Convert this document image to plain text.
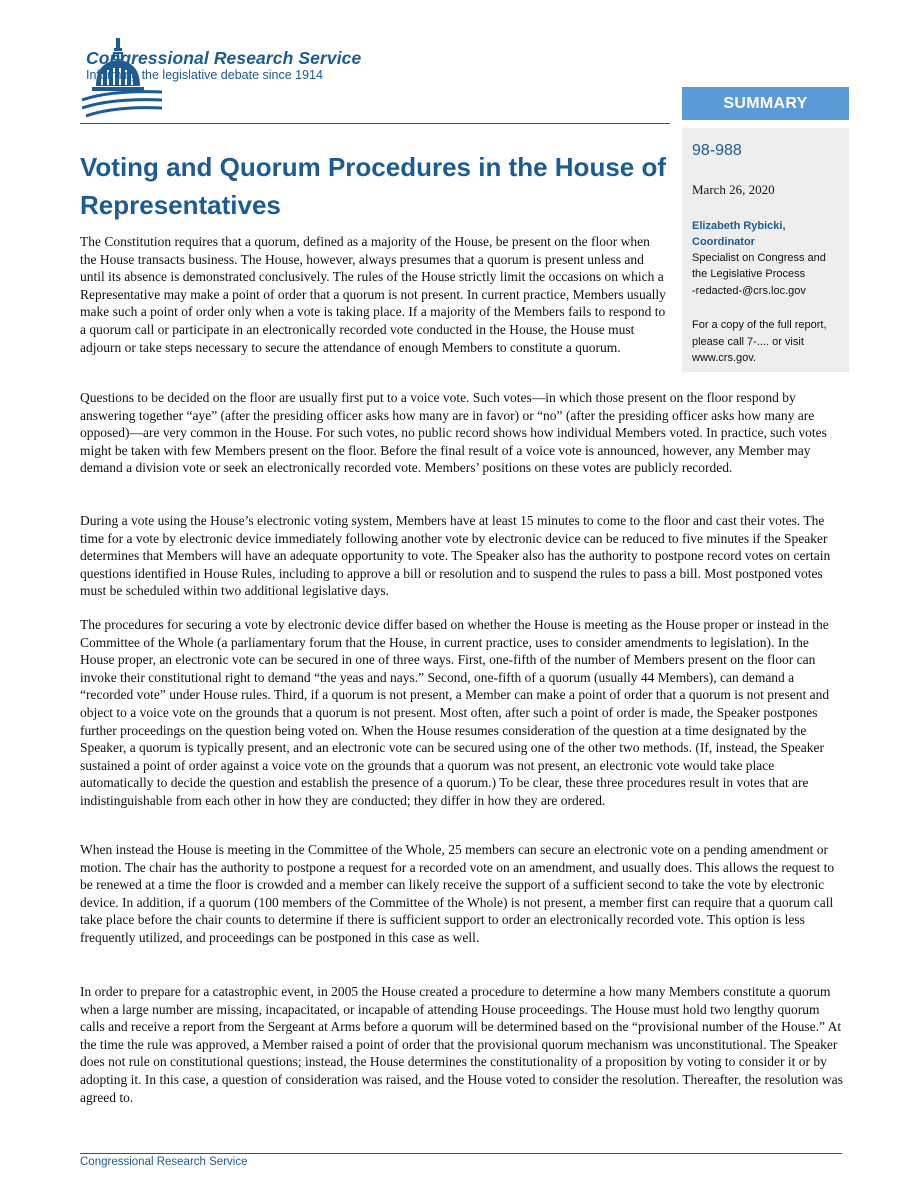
Congressional Research Service
Informing the legislative debate since 1914
SUMMARY
98-988
March 26, 2020
Elizabeth Rybicki,
Coordinator
Specialist on Congress and
the Legislative Process
-redacted-@crs.loc.gov
For a copy of the full report, please call 7-.... or visit www.crs.gov.
Voting and Quorum Procedures in the House of Representatives

The Constitution requires that a quorum, defined as a majority of the House, be present on the floor when the House transacts business. The House, however, always presumes that a quorum is present unless and until its absence is demonstrated conclusively. The rules of the House strictly limit the occasions on which a Representative may make a point of order that a quorum is not present. In current practice, Members usually make such a point of order only when a vote is taking place. If a majority of the Members fails to respond to a quorum call or participate in an electronically recorded vote conducted in the House, the House must adjourn or take steps necessary to secure the attendance of enough Members to constitute a quorum.

Questions to be decided on the floor are usually first put to a voice vote. Such votes—in which those present on the floor respond by answering together “aye” (after the presiding officer asks how many are in favor) or “no” (after the presiding officer asks how many are opposed)—are very common in the House. For such votes, no public record shows how individual Members voted. In practice, such votes might be taken with few Members present on the floor. Before the final result of a voice vote is announced, however, any Member may demand a division vote or seek an electronically recorded vote. Members’ positions on these votes are publicly recorded.

During a vote using the House’s electronic voting system, Members have at least 15 minutes to come to the floor and cast their votes. The time for a vote by electronic device immediately following another vote by electronic device can be reduced to five minutes if the Speaker determines that Members will have an adequate opportunity to vote. The Speaker also has the authority to postpone record votes on certain questions identified in House Rules, including to approve a bill or resolution and to suspend the rules to pass a bill. Most postponed votes must be scheduled within two additional legislative days.

The procedures for securing a vote by electronic device differ based on whether the House is meeting as the House proper or instead in the Committee of the Whole (a parliamentary forum that the House, in current practice, uses to consider amendments to legislation). In the House proper, an electronic vote can be secured in one of three ways. First, one-fifth of the number of Members present on the floor can invoke their constitutional right to demand “the yeas and nays.” Second, one-fifth of a quorum (usually 44 Members), can demand a “recorded vote” under House rules. Third, if a quorum is not present, a Member can make a point of order that a quorum is not present and object to a voice vote on the grounds that a quorum is not present. Most often, after such a point of order is made, the Speaker postpones further proceedings on the question being voted on. When the House resumes consideration of the question at a time designated by the Speaker, a quorum is typically present, and an electronic vote can be secured using one of the other two methods. (If, instead, the Speaker sustained a point of order against a voice vote on the grounds that a quorum was not present, an electronic vote would take place automatically to decide the question and establish the presence of a quorum.) To be clear, these three procedures result in votes that are indistinguishable from each other in how they are conducted; they differ in how they are ordered.

When instead the House is meeting in the Committee of the Whole, 25 members can secure an electronic vote on a pending amendment or motion. The chair has the authority to postpone a request for a recorded vote on an amendment, and usually does. This allows the request to be renewed at a time the floor is crowded and a member can likely receive the support of a sufficient second to take the vote by electronic device. In addition, if a quorum (100 members of the Committee of the Whole) is not present, a member first can require that a quorum call take place before the chair counts to determine if there is sufficient support to order an electronically recorded vote. This option is less frequently utilized, and proceedings can be postponed in this case as well.

In order to prepare for a catastrophic event, in 2005 the House created a procedure to determine a how many Members constitute a quorum when a large number are missing, incapacitated, or incapable of attending House proceedings. The House must hold two lengthy quorum calls and receive a report from the Sergeant at Arms before a quorum will be determined based on the “provisional number of the House.” At the time the rule was approved, a Member raised a point of order that the provisional quorum mechanism was unconstitutional. The Speaker does not rule on constitutional questions; instead, the House determines the constitutionality of a proposition by voting to consider it or by adopting it. In this case, a question of consideration was raised, and the House voted to consider the resolution. Thereafter, the resolution was agreed to.

Congressional Research Service
